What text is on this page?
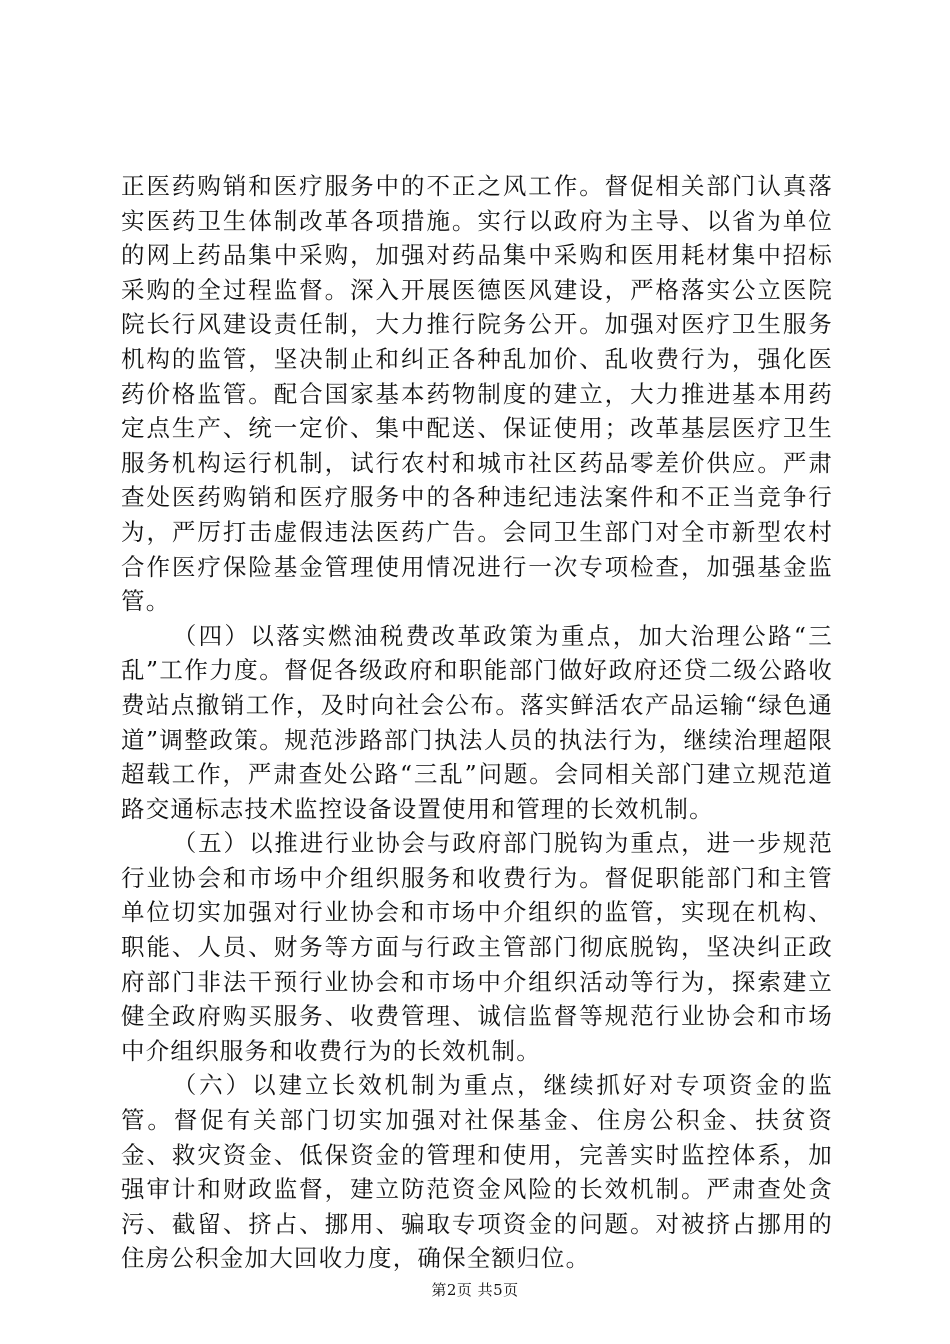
正医药购销和医疗服务中的不正之风工作。督促相关部门认真落实医药卫生体制改革各项措施。实行以政府为主导、以省为单位的网上药品集中采购，加强对药品集中采购和医用耗材集中招标采购的全过程监督。深入开展医德医风建设，严格落实公立医院院长行风建设责任制，大力推行院务公开。加强对医疗卫生服务机构的监管，坚决制止和纠正各种乱加价、乱收费行为，强化医药价格监管。配合国家基本药物制度的建立，大力推进基本用药定点生产、统一定价、集中配送、保证使用；改革基层医疗卫生服务机构运行机制，试行农村和城市社区药品零差价供应。严肃查处医药购销和医疗服务中的各种违纪违法案件和不正当竞争行为，严厉打击虚假违法医药广告。会同卫生部门对全市新型农村合作医疗保险基金管理使用情况进行一次专项检查，加强基金监管。

（四）以落实燃油税费改革政策为重点，加大治理公路“三乱”工作力度。督促各级政府和职能部门做好政府还贷二级公路收费站点撤销工作，及时向社会公布。落实鲜活农产品运输“绿色通道”调整政策。规范涉路部门执法人员的执法行为，继续治理超限超载工作，严肃查处公路“三乱”问题。会同相关部门建立规范道路交通标志技术监控设备设置使用和管理的长效机制。

（五）以推进行业协会与政府部门脱钩为重点，进一步规范行业协会和市场中介组织服务和收费行为。督促职能部门和主管单位切实加强对行业协会和市场中介组织的监管，实现在机构、职能、人员、财务等方面与行政主管部门彻底脱钩，坚决纠正政府部门非法干预行业协会和市场中介组织活动等行为，探索建立健全政府购买服务、收费管理、诚信监督等规范行业协会和市场中介组织服务和收费行为的长效机制。

（六）以建立长效机制为重点，继续抓好对专项资金的监管。督促有关部门切实加强对社保基金、住房公积金、扶贫资金、救灾资金、低保资金的管理和使用，完善实时监控体系，加强审计和财政监督，建立防范资金风险的长效机制。严肃查处贪污、截留、挤占、挪用、骗取专项资金的问题。对被挤占挪用的住房公积金加大回收力度，确保全额归位。

第2页 共5页
